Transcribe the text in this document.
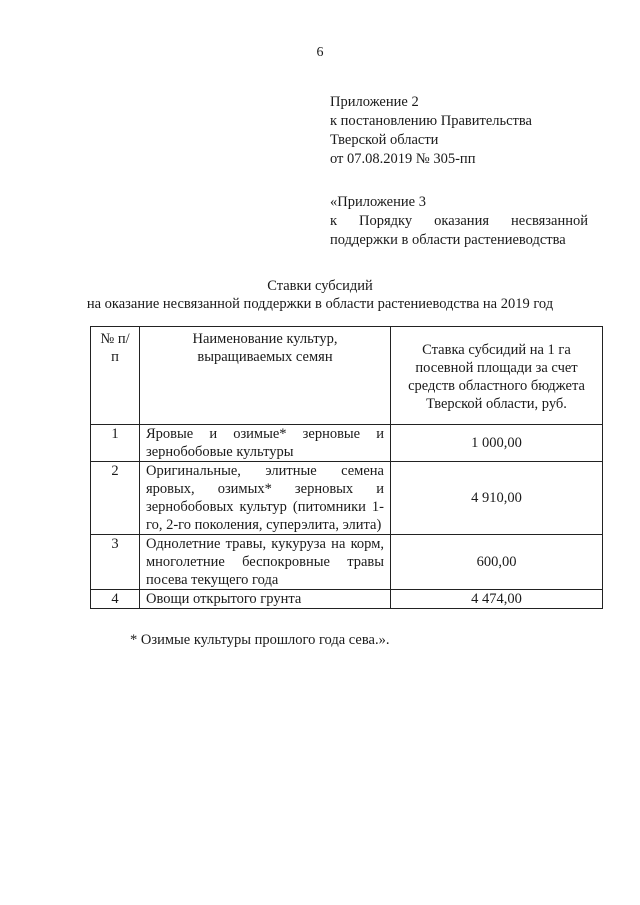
6
Приложение 2
к постановлению Правительства
Тверской области
от 07.08.2019 № 305-пп
«Приложение 3
к Порядку оказания несвязанной
поддержки в области растениеводства
Ставки субсидий
на оказание несвязанной поддержки в области растениеводства на 2019 год
№ п/п	Наименование культур, выращиваемых семян	Ставка субсидий на 1 га посевной площади за счет средств областного бюджета Тверской области, руб.
1	Яровые и озимые* зерновые и зернобобовые культуры	1 000,00
2	Оригинальные, элитные семена яровых, озимых* зерновых и зернобобовых культур (питомники 1-го, 2-го поколения, суперэлита, элита)	4 910,00
3	Однолетние травы, кукуруза на корм, многолетние беспокровные травы посева текущего года	600,00
4	Овощи открытого грунта	4 474,00
* Озимые культуры прошлого года сева.».
